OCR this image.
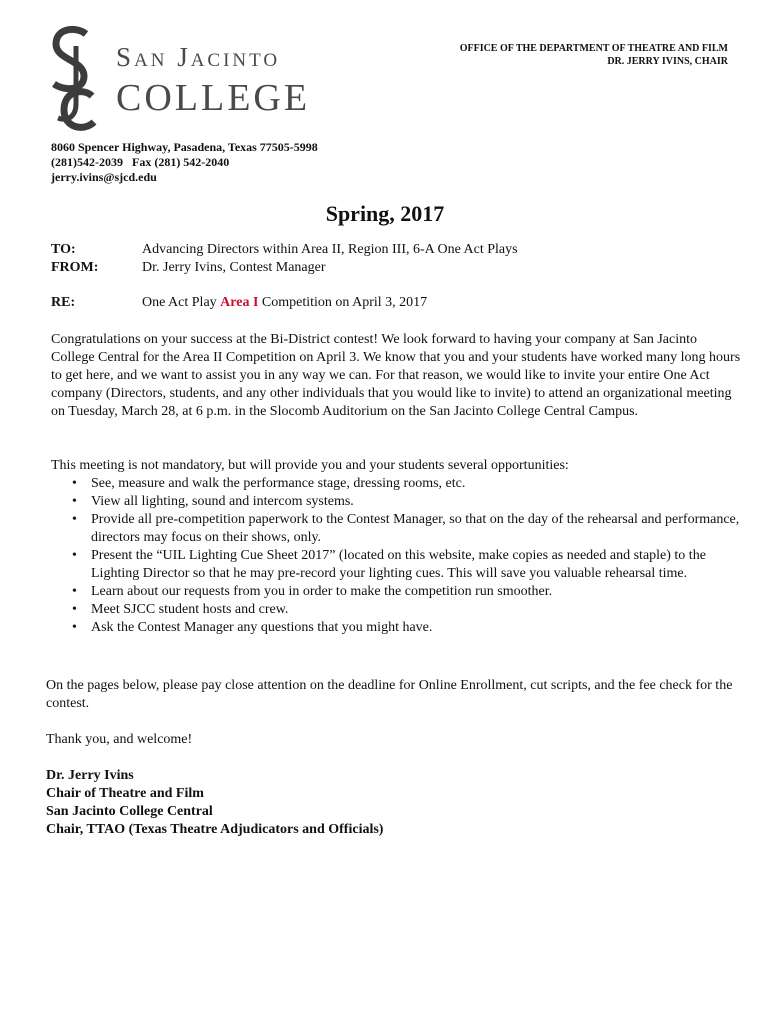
San Jacinto
COLLEGE
OFFICE OF THE DEPARTMENT OF THEATRE AND FILM
DR. JERRY IVINS, CHAIR
8060 Spencer Highway, Pasadena, Texas 77505-5998
(281)542-2039   Fax (281) 542-2040
jerry.ivins@sjcd.edu
Spring, 2017
TO:	Advancing Directors within Area II, Region III, 6-A One Act Plays
FROM:	Dr. Jerry Ivins, Contest Manager
RE:	One Act Play Area I Competition on April 3, 2017
Congratulations on your success at the Bi-District contest! We look forward to having your company at San Jacinto College Central for the Area II Competition on April 3. We know that you and your students have worked many long hours to get here, and we want to assist you in any way we can. For that reason, we would like to invite your entire One Act company (Directors, students, and any other individuals that you would like to invite) to attend an organizational meeting on Tuesday, March 28, at 6 p.m. in the Slocomb Auditorium on the San Jacinto College Central Campus.
This meeting is not mandatory, but will provide you and your students several opportunities:
• See, measure and walk the performance stage, dressing rooms, etc.
• View all lighting, sound and intercom systems.
• Provide all pre-competition paperwork to the Contest Manager, so that on the day of the rehearsal and performance, directors may focus on their shows, only.
• Present the “UIL Lighting Cue Sheet 2017” (located on this website, make copies as needed and staple) to the Lighting Director so that he may pre-record your lighting cues. This will save you valuable rehearsal time.
• Learn about our requests from you in order to make the competition run smoother.
• Meet SJCC student hosts and crew.
• Ask the Contest Manager any questions that you might have.
On the pages below, please pay close attention on the deadline for Online Enrollment, cut scripts, and the fee check for the contest.
Thank you, and welcome!
Dr. Jerry Ivins
Chair of Theatre and Film
San Jacinto College Central
Chair, TTAO (Texas Theatre Adjudicators and Officials)
